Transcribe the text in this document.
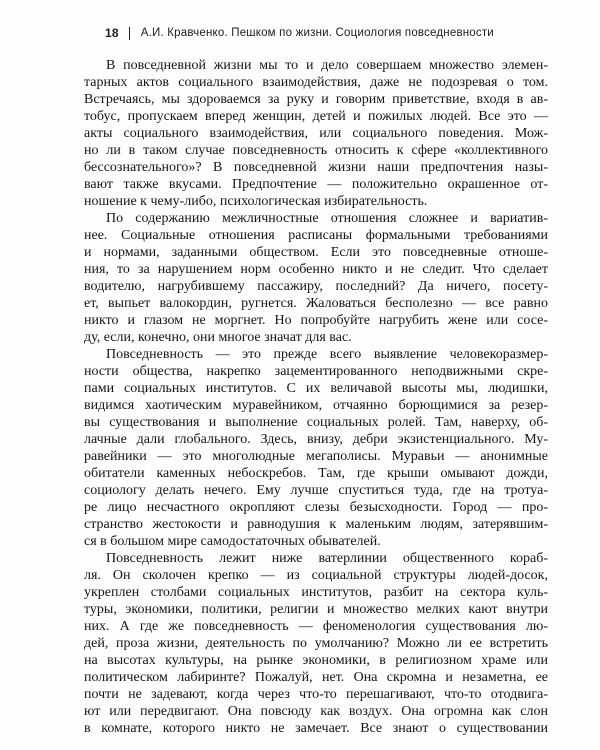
18 А.И. Кравченко. Пешком по жизни. Социология повседневности
В повседневной жизни мы то и дело совершаем множество элемен-
тарных актов социального взаимодействия, даже не подозревая о том.
Встречаясь, мы здороваемся за руку и говорим приветствие, входя в ав-
тобус, пропускаем вперед женщин, детей и пожилых людей. Все это —
акты социального взаимодействия, или социального поведения. Мож-
но ли в таком случае повседневность относить к сфере «коллективного
бессознательного»? В повседневной жизни наши предпочтения назы-
вают также вкусами. Предпочтение — положительно окрашенное от-
ношение к чему-либо, психологическая избирательность.
По содержанию межличностные отношения сложнее и вариатив-
нее. Социальные отношения расписаны формальными требованиями
и нормами, заданными обществом. Если это повседневные отноше-
ния, то за нарушением норм особенно никто и не следит. Что сделает
водителю, нагрубившему пассажиру, последний? Да ничего, посету-
ет, выпьет валокордин, ругнется. Жаловаться бесполезно — все равно
никто и глазом не моргнет. Но попробуйте нагрубить жене или сосе-
ду, если, конечно, они многое значат для вас.
Повседневность — это прежде всего выявление человекоразмер-
ности общества, накрепко зацементированного неподвижными скре-
пами социальных институтов. С их величавой высоты мы, людишки,
видимся хаотическим муравейником, отчаянно борющимися за резер-
вы существования и выполнение социальных ролей. Там, наверху, об-
лачные дали глобального. Здесь, внизу, дебри экзистенциального. Му-
равейники — это многолюдные мегаполисы. Муравьи — анонимные
обитатели каменных небоскребов. Там, где крыши омывают дожди,
социологу делать нечего. Ему лучше спуститься туда, где на тротуа-
ре лицо несчастного окропляют слезы безысходности. Город — про-
странство жестокости и равнодушия к маленьким людям, затерявшим-
ся в большом мире самодостаточных обывателей.
Повседневность лежит ниже ватерлинии общественного кораб-
ля. Он сколочен крепко — из социальной структуры людей-досок,
укреплен столбами социальных институтов, разбит на сектора куль-
туры, экономики, политики, религии и множество мелких кают внутри
них. А где же повседневность — феноменология существования лю-
дей, проза жизни, деятельность по умолчанию? Можно ли ее встретить
на высотах культуры, на рынке экономики, в религиозном храме или
политическом лабиринте? Пожалуй, нет. Она скромна и незаметна, ее
почти не задевают, когда через что-то перешагивают, что-то отодвига-
ют или передвигают. Она повсюду как воздух. Она огромна как слон
в комнате, которого никто не замечает. Все знают о существовании
